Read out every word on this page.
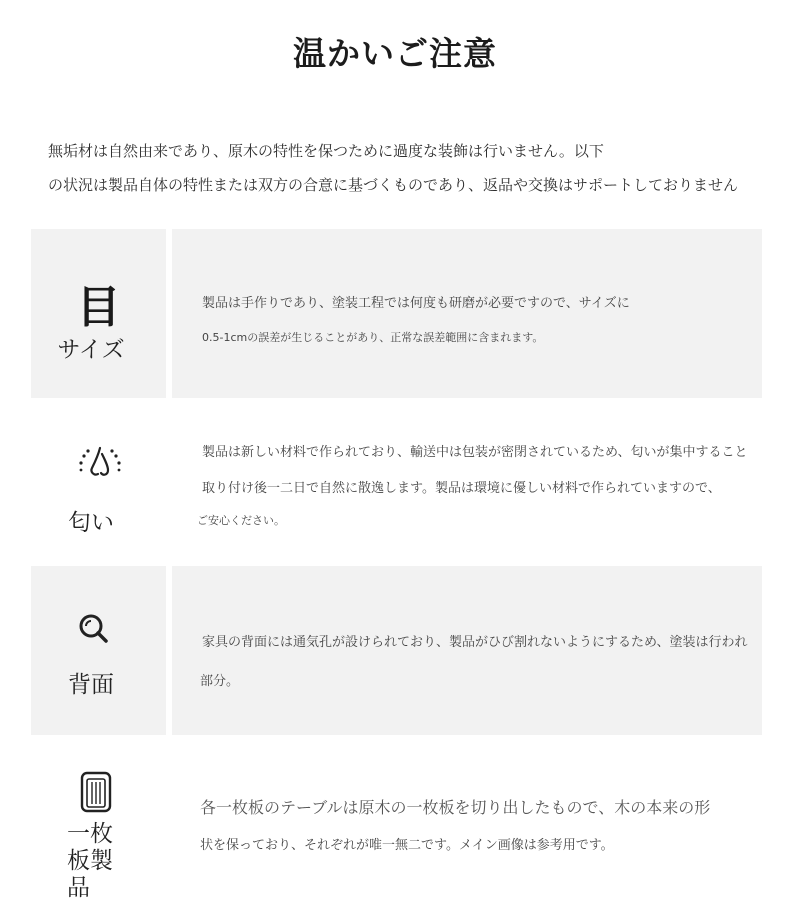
温かいご注意
無垢材は自然由来であり、原木の特性を保つために過度な装飾は行いません。以下
の状況は製品自体の特性または双方の合意に基づくものであり、返品や交換はサポートしておりません
目
サイズ
製品は手作りであり、塗装工程では何度も研磨が必要ですので、サイズに
0.5-1cmの誤差が生じることがあり、正常な誤差範囲に含まれます。
匂い
製品は新しい材料で作られており、輸送中は包装が密閉されているため、匂いが集中すること
取り付け後一二日で自然に散逸します。製品は環境に優しい材料で作られていますので、
ご安心ください。
背面
家具の背面には通気孔が設けられており、製品がひび割れないようにするため、塗装は行われ
部分。
一枚
板製
品
各一枚板のテーブルは原木の一枚板を切り出したもので、木の本来の形
状を保っており、それぞれが唯一無二です。メイン画像は参考用です。
